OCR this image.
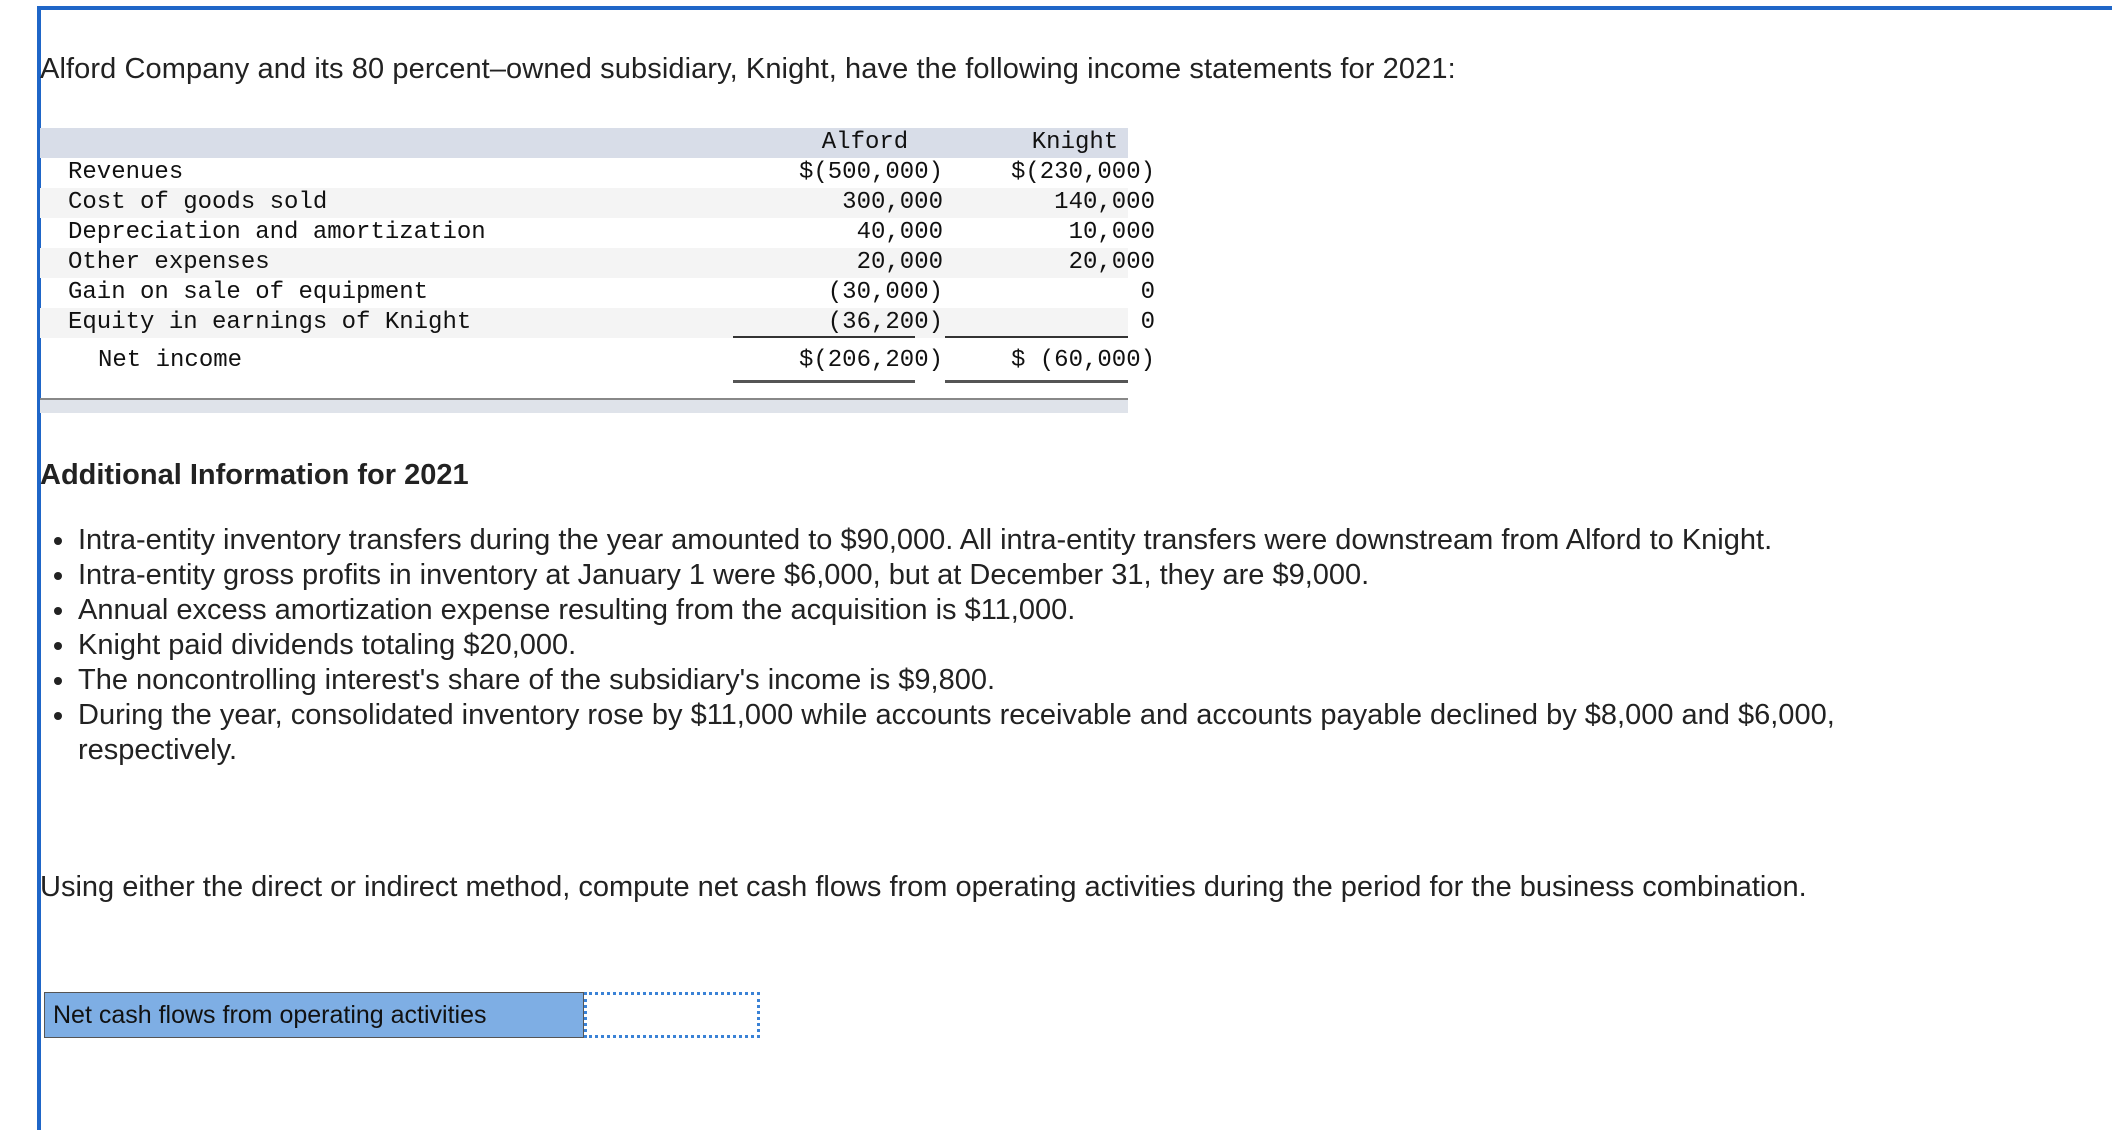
Alford Company and its 80 percent–owned subsidiary, Knight, have the following income statements for 2021:
Alford	Knight
Revenues	$(500,000)	$(230,000)
Cost of goods sold	300,000	140,000
Depreciation and amortization	40,000	10,000
Other expenses	20,000	20,000
Gain on sale of equipment	(30,000)	0
Equity in earnings of Knight	(36,200)	0
Net income	$(206,200)	$ (60,000)
Additional Information for 2021
Intra-entity inventory transfers during the year amounted to $90,000. All intra-entity transfers were downstream from Alford to Knight.
Intra-entity gross profits in inventory at January 1 were $6,000, but at December 31, they are $9,000.
Annual excess amortization expense resulting from the acquisition is $11,000.
Knight paid dividends totaling $20,000.
The noncontrolling interest's share of the subsidiary's income is $9,800.
During the year, consolidated inventory rose by $11,000 while accounts receivable and accounts payable declined by $8,000 and $6,000, respectively.
Using either the direct or indirect method, compute net cash flows from operating activities during the period for the business combination.
Net cash flows from operating activities
